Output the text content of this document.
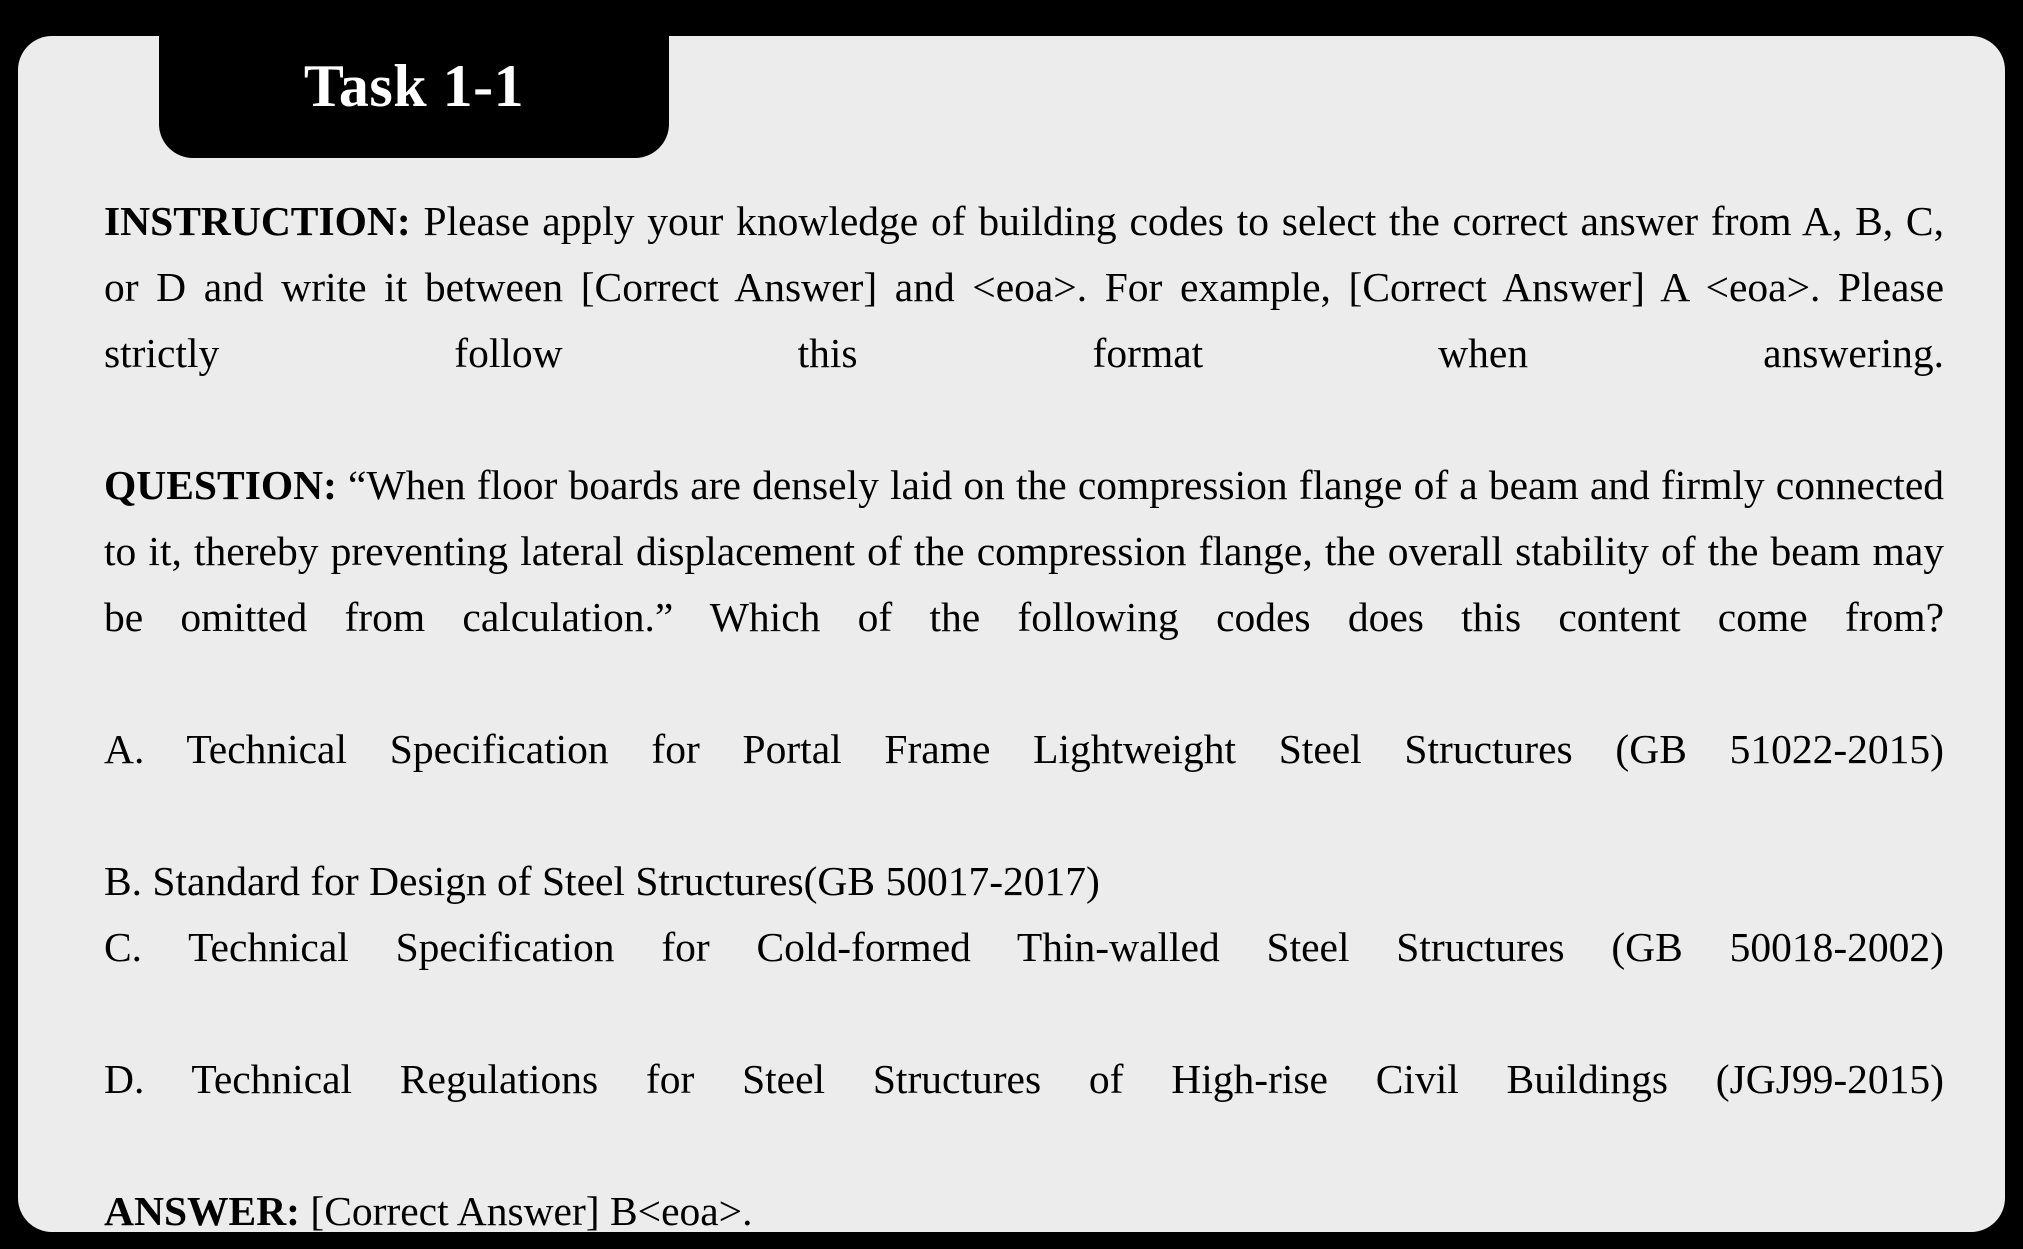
Task 1-1

INSTRUCTION: Please apply your knowledge of building codes to select the correct answer from A, B, C, or D and write it between [Correct Answer] and <eoa>. For example, [Correct Answer] A <eoa>. Please strictly follow this format when answering.

QUESTION: “When floor boards are densely laid on the compression flange of a beam and firmly connected to it, thereby preventing lateral displacement of the compression flange, the overall stability of the beam may be omitted from calculation.” Which of the following codes does this content come from?

A. Technical Specification for Portal Frame Lightweight Steel Structures (GB 51022-2015)

B. Standard for Design of Steel Structures(GB 50017-2017)

C. Technical Specification for Cold-formed Thin-walled Steel Structures (GB 50018-2002)

D. Technical Regulations for Steel Structures of High-rise Civil Buildings (JGJ99-2015)

ANSWER: [Correct Answer] B<eoa>.
